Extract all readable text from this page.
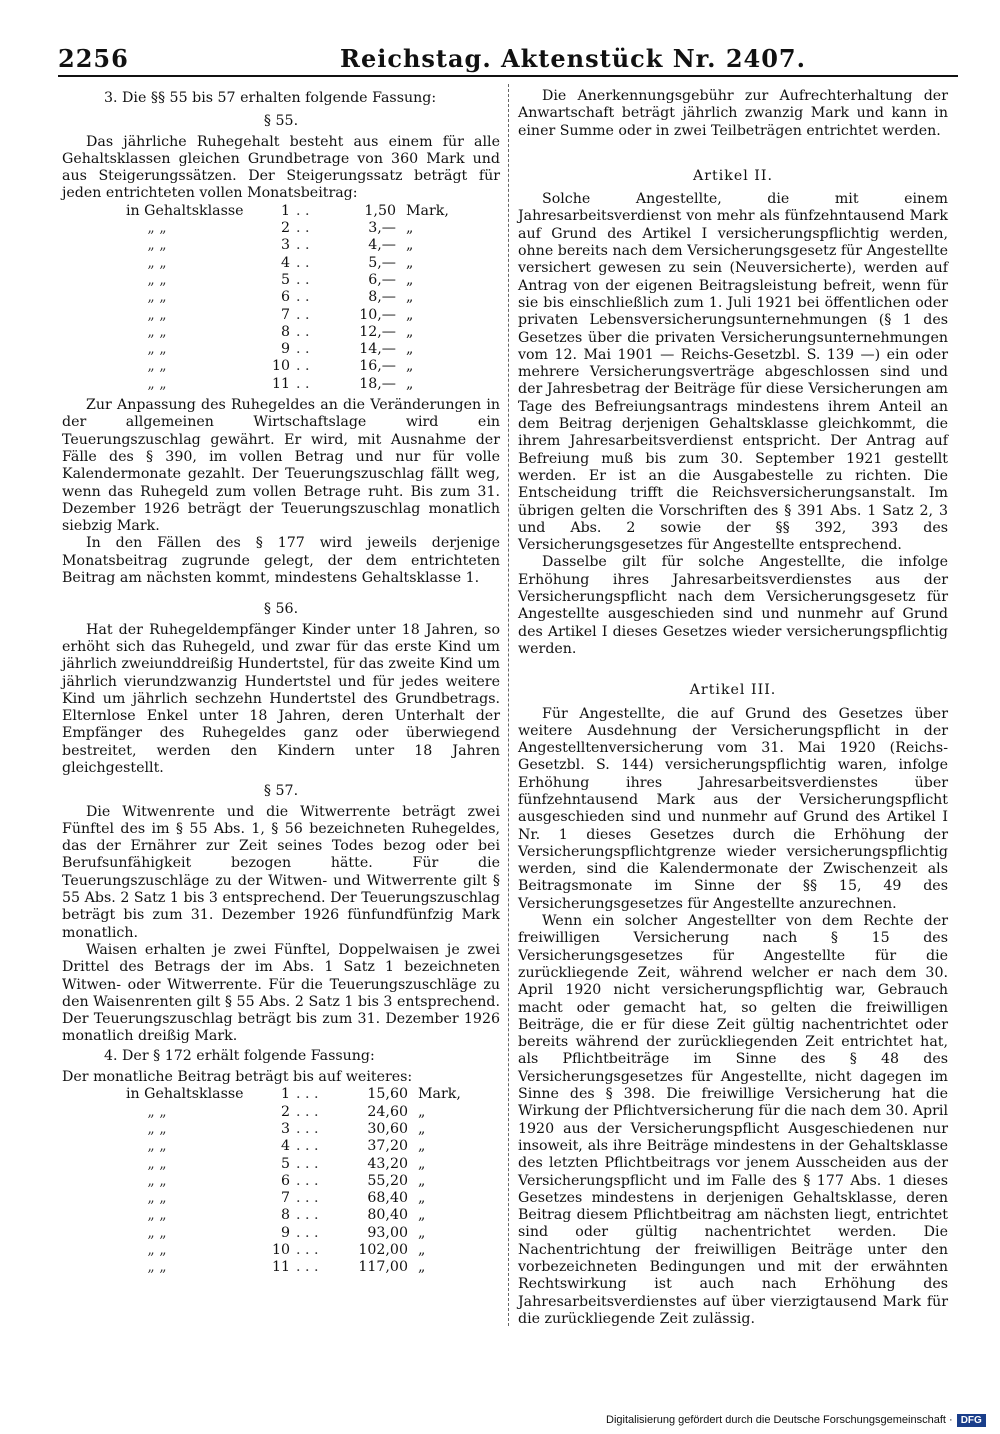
2256	Reichstag. Aktenstück Nr. 2407.

3. Die §§ 55 bis 57 erhalten folgende Fassung:

§ 55.

Das jährliche Ruhegehalt besteht aus einem für alle Gehaltsklassen gleichen Grundbetrage von 360 Mark und aus Steigerungssätzen. Der Steigerungssatz beträgt für jeden entrichteten vollen Monatsbeitrag:

in Gehaltsklasse	1	. .	1,50	Mark,
„ „	2	. .	3,—	„
„ „	3	. .	4,—	„
„ „	4	. .	5,—	„
„ „	5	. .	6,—	„
„ „	6	. .	8,—	„
„ „	7	. .	10,—	„
„ „	8	. .	12,—	„
„ „	9	. .	14,—	„
„ „	10	. .	16,—	„
„ „	11	. .	18,—	„

Zur Anpassung des Ruhegeldes an die Veränderungen in der allgemeinen Wirtschaftslage wird ein Teuerungszuschlag gewährt. Er wird, mit Ausnahme der Fälle des § 390, im vollen Betrag und nur für volle Kalendermonate gezahlt. Der Teuerungszuschlag fällt weg, wenn das Ruhegeld zum vollen Betrage ruht. Bis zum 31. Dezember 1926 beträgt der Teuerungszuschlag monatlich siebzig Mark.

In den Fällen des § 177 wird jeweils derjenige Monatsbeitrag zugrunde gelegt, der dem entrichteten Beitrag am nächsten kommt, mindestens Gehaltsklasse 1.

§ 56.

Hat der Ruhegeldempfänger Kinder unter 18 Jahren, so erhöht sich das Ruhegeld, und zwar für das erste Kind um jährlich zweiunddreißig Hundertstel, für das zweite Kind um jährlich vierundzwanzig Hundertstel und für jedes weitere Kind um jährlich sechzehn Hundertstel des Grundbetrags. Elternlose Enkel unter 18 Jahren, deren Unterhalt der Empfänger des Ruhegeldes ganz oder überwiegend bestreitet, werden den Kindern unter 18 Jahren gleichgestellt.

§ 57.

Die Witwenrente und die Witwerrente beträgt zwei Fünftel des im § 55 Abs. 1, § 56 bezeichneten Ruhegeldes, das der Ernährer zur Zeit seines Todes bezog oder bei Berufsunfähigkeit bezogen hätte. Für die Teuerungszuschläge zu der Witwen- und Witwerrente gilt § 55 Abs. 2 Satz 1 bis 3 entsprechend. Der Teuerungszuschlag beträgt bis zum 31. Dezember 1926 fünfundfünfzig Mark monatlich.

Waisen erhalten je zwei Fünftel, Doppelwaisen je zwei Drittel des Betrags der im Abs. 1 Satz 1 bezeichneten Witwen- oder Witwerrente. Für die Teuerungszuschläge zu den Waisenrenten gilt § 55 Abs. 2 Satz 1 bis 3 entsprechend. Der Teuerungszuschlag beträgt bis zum 31. Dezember 1926 monatlich dreißig Mark.

4. Der § 172 erhält folgende Fassung:

Der monatliche Beitrag beträgt bis auf weiteres:

in Gehaltsklasse	1	. . .	15,60	Mark,
„ „	2	. . .	24,60	„
„ „	3	. . .	30,60	„
„ „	4	. . .	37,20	„
„ „	5	. . .	43,20	„
„ „	6	. . .	55,20	„
„ „	7	. . .	68,40	„
„ „	8	. . .	80,40	„
„ „	9	. . .	93,00	„
„ „	10	. . .	102,00	„
„ „	11	. . .	117,00	„

Die Anerkennungsgebühr zur Aufrechterhaltung der Anwartschaft beträgt jährlich zwanzig Mark und kann in einer Summe oder in zwei Teilbeträgen entrichtet werden.

Artikel II.

Solche Angestellte, die mit einem Jahresarbeitsverdienst von mehr als fünfzehntausend Mark auf Grund des Artikel I versicherungspflichtig werden, ohne bereits nach dem Versicherungsgesetz für Angestellte versichert gewesen zu sein (Neuversicherte), werden auf Antrag von der eigenen Beitragsleistung befreit, wenn für sie bis einschließlich zum 1. Juli 1921 bei öffentlichen oder privaten Lebensversicherungsunternehmungen (§ 1 des Gesetzes über die privaten Versicherungsunternehmungen vom 12. Mai 1901 — Reichs-Gesetzbl. S. 139 —) ein oder mehrere Versicherungsverträge abgeschlossen sind und der Jahresbetrag der Beiträge für diese Versicherungen am Tage des Befreiungsantrags mindestens ihrem Anteil an dem Beitrag derjenigen Gehaltsklasse gleichkommt, die ihrem Jahresarbeitsverdienst entspricht. Der Antrag auf Befreiung muß bis zum 30. September 1921 gestellt werden. Er ist an die Ausgabestelle zu richten. Die Entscheidung trifft die Reichsversicherungsanstalt. Im übrigen gelten die Vorschriften des § 391 Abs. 1 Satz 2, 3 und Abs. 2 sowie der §§ 392, 393 des Versicherungsgesetzes für Angestellte entsprechend.

Dasselbe gilt für solche Angestellte, die infolge Erhöhung ihres Jahresarbeitsverdienstes aus der Versicherungspflicht nach dem Versicherungsgesetz für Angestellte ausgeschieden sind und nunmehr auf Grund des Artikel I dieses Gesetzes wieder versicherungspflichtig werden.

Artikel III.

Für Angestellte, die auf Grund des Gesetzes über weitere Ausdehnung der Versicherungspflicht in der Angestelltenversicherung vom 31. Mai 1920 (Reichs-Gesetzbl. S. 144) versicherungspflichtig waren, infolge Erhöhung ihres Jahresarbeitsverdienstes über fünfzehntausend Mark aus der Versicherungspflicht ausgeschieden sind und nunmehr auf Grund des Artikel I Nr. 1 dieses Gesetzes durch die Erhöhung der Versicherungspflichtgrenze wieder versicherungspflichtig werden, sind die Kalendermonate der Zwischenzeit als Beitragsmonate im Sinne der §§ 15, 49 des Versicherungsgesetzes für Angestellte anzurechnen.

Wenn ein solcher Angestellter von dem Rechte der freiwilligen Versicherung nach § 15 des Versicherungsgesetzes für Angestellte für die zurückliegende Zeit, während welcher er nach dem 30. April 1920 nicht versicherungspflichtig war, Gebrauch macht oder gemacht hat, so gelten die freiwilligen Beiträge, die er für diese Zeit gültig nachentrichtet oder bereits während der zurückliegenden Zeit entrichtet hat, als Pflichtbeiträge im Sinne des § 48 des Versicherungsgesetzes für Angestellte, nicht dagegen im Sinne des § 398. Die freiwillige Versicherung hat die Wirkung der Pflichtversicherung für die nach dem 30. April 1920 aus der Versicherungspflicht Ausgeschiedenen nur insoweit, als ihre Beiträge mindestens in der Gehaltsklasse des letzten Pflichtbeitrags vor jenem Ausscheiden aus der Versicherungspflicht und im Falle des § 177 Abs. 1 dieses Gesetzes mindestens in derjenigen Gehaltsklasse, deren Beitrag diesem Pflichtbeitrag am nächsten liegt, entrichtet sind oder gültig nachentrichtet werden. Die Nachentrichtung der freiwilligen Beiträge unter den vorbezeichneten Bedingungen und mit der erwähnten Rechtswirkung ist auch nach Erhöhung des Jahresarbeitsverdienstes auf über vierzigtausend Mark für die zurückliegende Zeit zulässig.

Digitalisierung gefördert durch die Deutsche Forschungsgemeinschaft · DFG
